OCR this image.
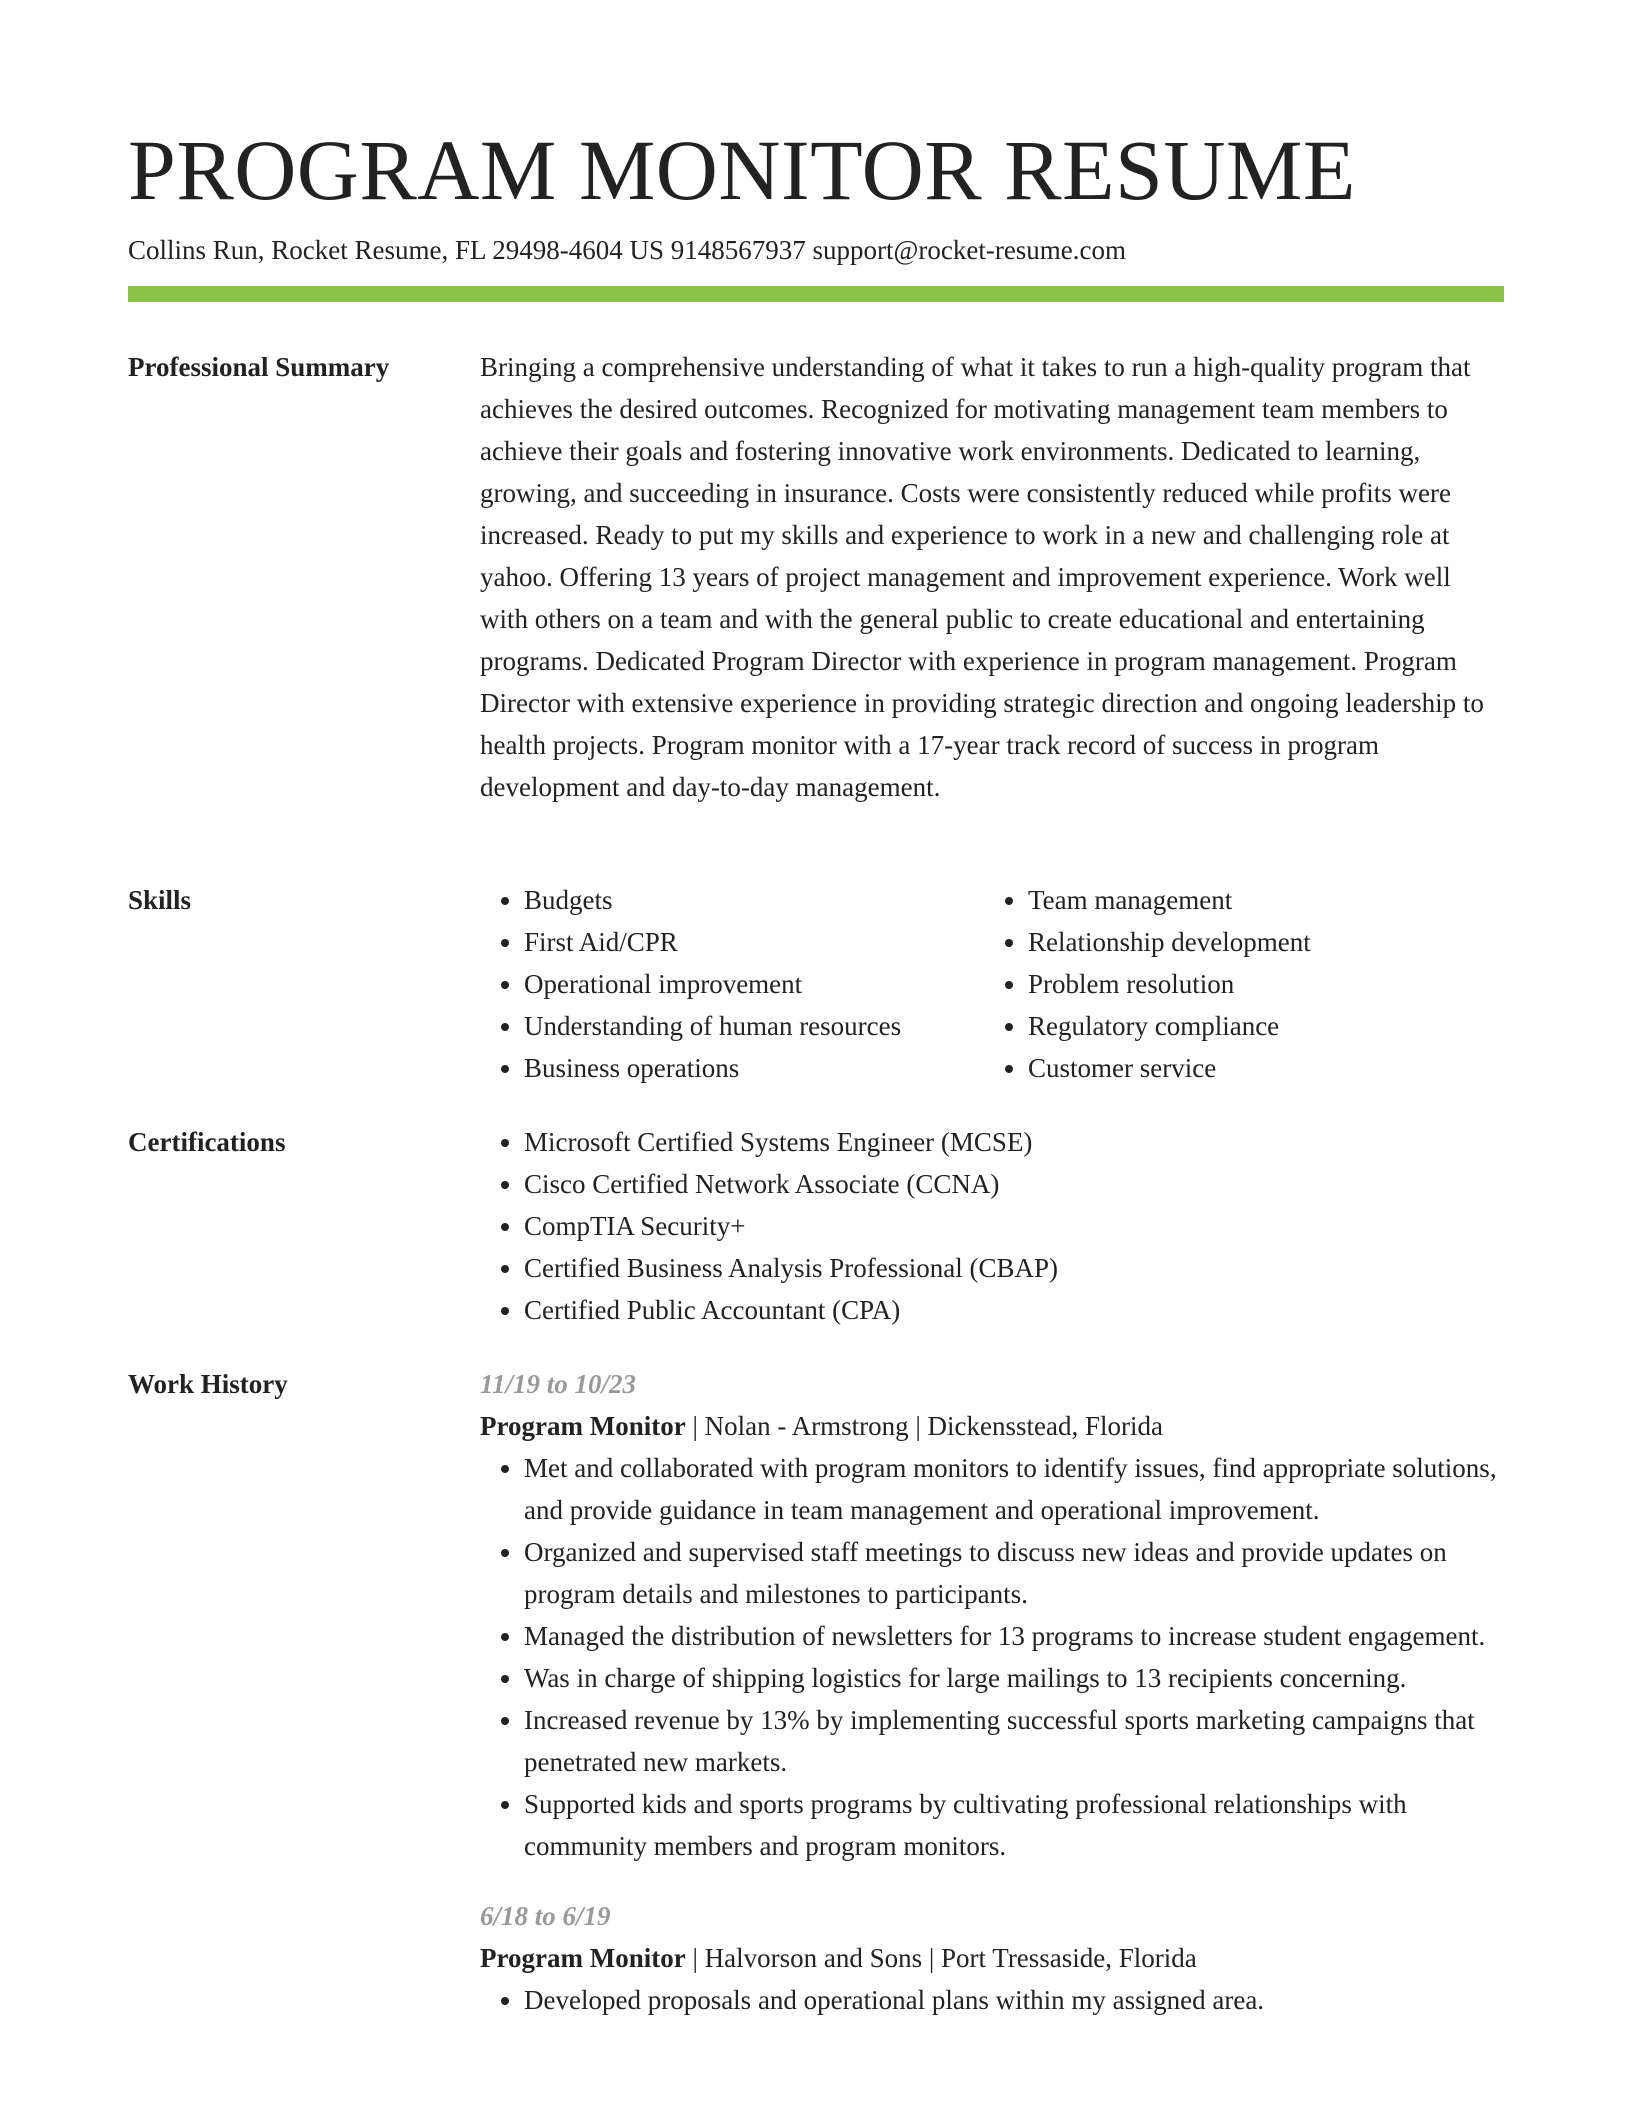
PROGRAM MONITOR RESUME
Collins Run, Rocket Resume, FL 29498-4604 US 9148567937 support@rocket-resume.com
Professional Summary	Bringing a comprehensive understanding of what it takes to run a high-quality program that achieves the desired outcomes. Recognized for motivating management team members to achieve their goals and fostering innovative work environments. Dedicated to learning, growing, and succeeding in insurance. Costs were consistently reduced while profits were increased. Ready to put my skills and experience to work in a new and challenging role at yahoo. Offering 13 years of project management and improvement experience. Work well with others on a team and with the general public to create educational and entertaining programs. Dedicated Program Director with experience in program management. Program Director with extensive experience in providing strategic direction and ongoing leadership to health projects. Program monitor with a 17-year track record of success in program development and day-to-day management.

Skills	• Budgets
• First Aid/CPR
• Operational improvement
• Understanding of human resources
• Business operations
• Team management
• Relationship development
• Problem resolution
• Regulatory compliance
• Customer service
Certifications	• Microsoft Certified Systems Engineer (MCSE)
• Cisco Certified Network Associate (CCNA)
• CompTIA Security+
• Certified Business Analysis Professional (CBAP)
• Certified Public Accountant (CPA)
Work History	11/19 to 10/23
Program Monitor | Nolan - Armstrong | Dickensstead, Florida
• Met and collaborated with program monitors to identify issues, find appropriate solutions, and provide guidance in team management and operational improvement.
• Organized and supervised staff meetings to discuss new ideas and provide updates on program details and milestones to participants.
• Managed the distribution of newsletters for 13 programs to increase student engagement.
• Was in charge of shipping logistics for large mailings to 13 recipients concerning.
• Increased revenue by 13% by implementing successful sports marketing campaigns that penetrated new markets.
• Supported kids and sports programs by cultivating professional relationships with community members and program monitors.
6/18 to 6/19
Program Monitor | Halvorson and Sons | Port Tressaside, Florida
• Developed proposals and operational plans within my assigned area.
